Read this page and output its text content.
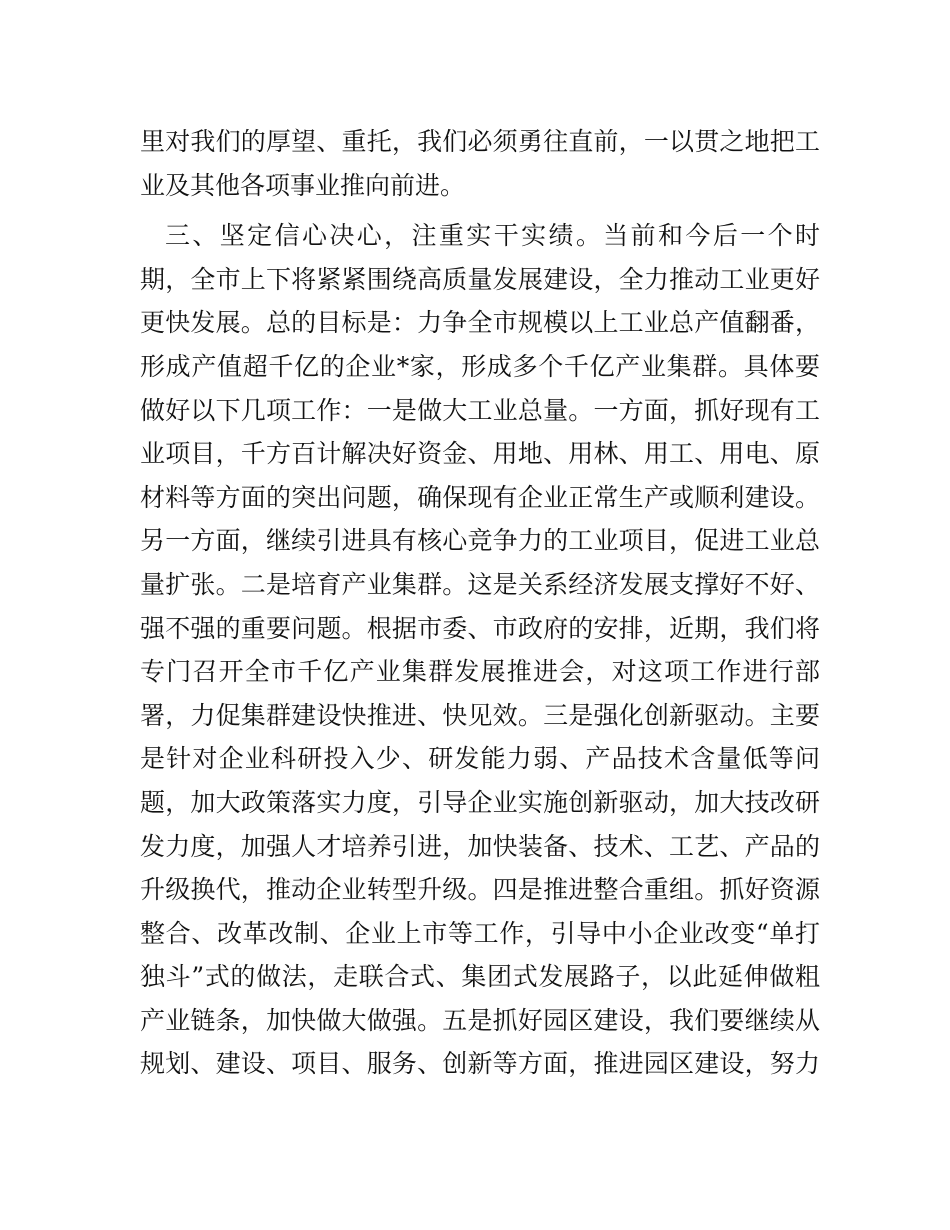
里对我们的厚望、重托，我们必须勇往直前，一以贯之地把工
业及其他各项事业推向前进。
三、坚定信心决心，注重实干实绩。当前和今后一个时
期，全市上下将紧紧围绕高质量发展建设，全力推动工业更好
更快发展。总的目标是：力争全市规模以上工业总产值翻番，
形成产值超千亿的企业*家，形成多个千亿产业集群。具体要
做好以下几项工作：一是做大工业总量。一方面，抓好现有工
业项目，千方百计解决好资金、用地、用林、用工、用电、原
材料等方面的突出问题，确保现有企业正常生产或顺利建设。
另一方面，继续引进具有核心竞争力的工业项目，促进工业总
量扩张。二是培育产业集群。这是关系经济发展支撑好不好、
强不强的重要问题。根据市委、市政府的安排，近期，我们将
专门召开全市千亿产业集群发展推进会，对这项工作进行部
署，力促集群建设快推进、快见效。三是强化创新驱动。主要
是针对企业科研投入少、研发能力弱、产品技术含量低等问
题，加大政策落实力度，引导企业实施创新驱动，加大技改研
发力度，加强人才培养引进，加快装备、技术、工艺、产品的
升级换代，推动企业转型升级。四是推进整合重组。抓好资源
整合、改革改制、企业上市等工作，引导中小企业改变“单打
独斗”式的做法，走联合式、集团式发展路子，以此延伸做粗
产业链条，加快做大做强。五是抓好园区建设，我们要继续从
规划、建设、项目、服务、创新等方面，推进园区建设，努力
